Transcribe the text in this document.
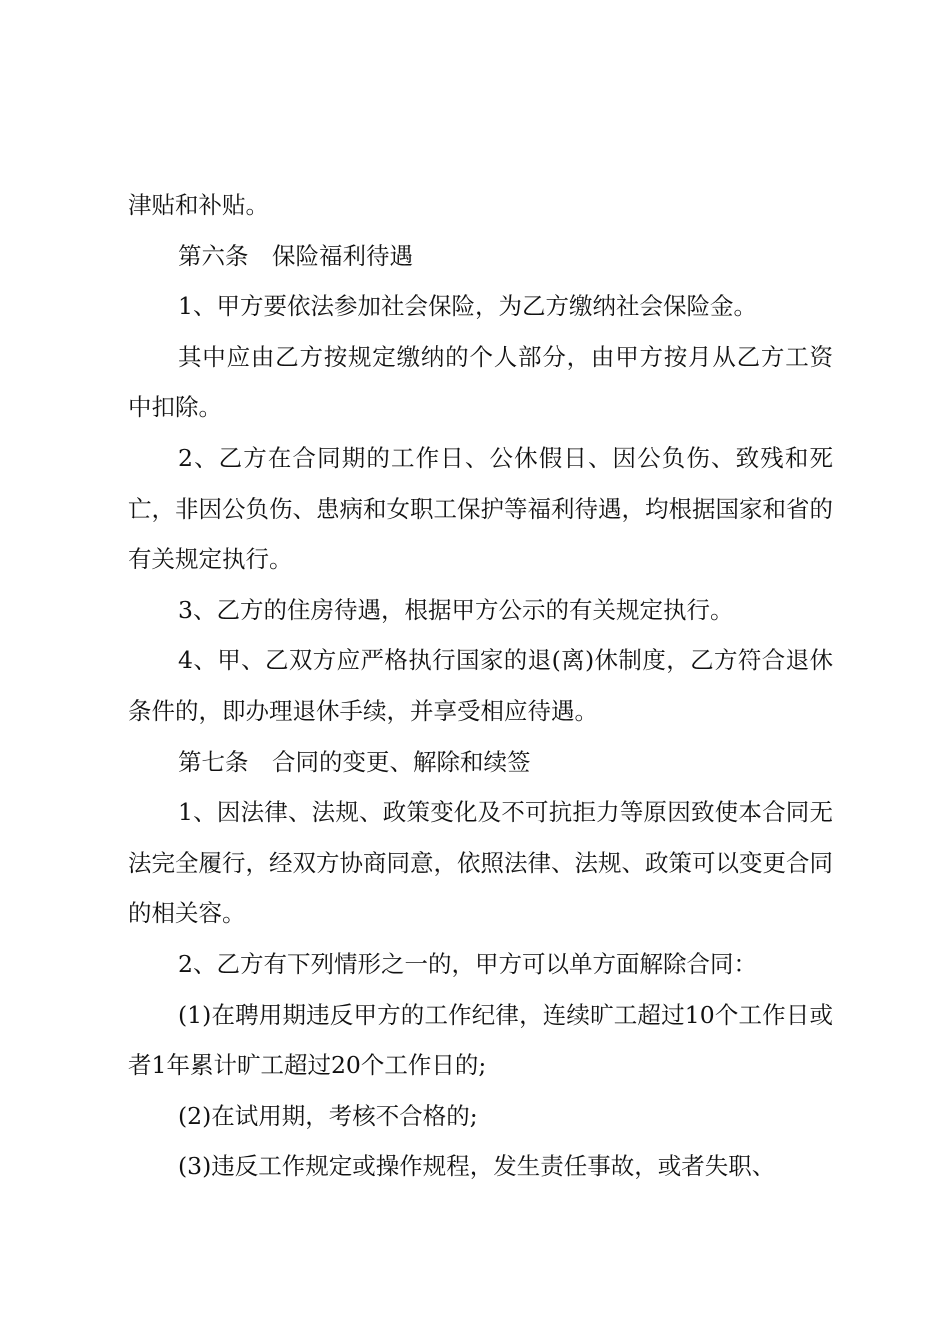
津贴和补贴。

第六条　保险福利待遇

1、甲方要依法参加社会保险，为乙方缴纳社会保险金。

其中应由乙方按规定缴纳的个人部分，由甲方按月从乙方工资中扣除。

2、乙方在合同期的工作日、公休假日、因公负伤、致残和死亡，非因公负伤、患病和女职工保护等福利待遇，均根据国家和省的有关规定执行。

3、乙方的住房待遇，根据甲方公示的有关规定执行。

4、甲、乙双方应严格执行国家的退(离)休制度，乙方符合退休条件的，即办理退休手续，并享受相应待遇。

第七条　合同的变更、解除和续签

1、因法律、法规、政策变化及不可抗拒力等原因致使本合同无法完全履行，经双方协商同意，依照法律、法规、政策可以变更合同的相关容。

2、乙方有下列情形之一的，甲方可以单方面解除合同：

(1)在聘用期违反甲方的工作纪律，连续旷工超过10个工作日或者1年累计旷工超过20个工作日的;

(2)在试用期，考核不合格的;

(3)违反工作规定或操作规程，发生责任事故，或者失职、
